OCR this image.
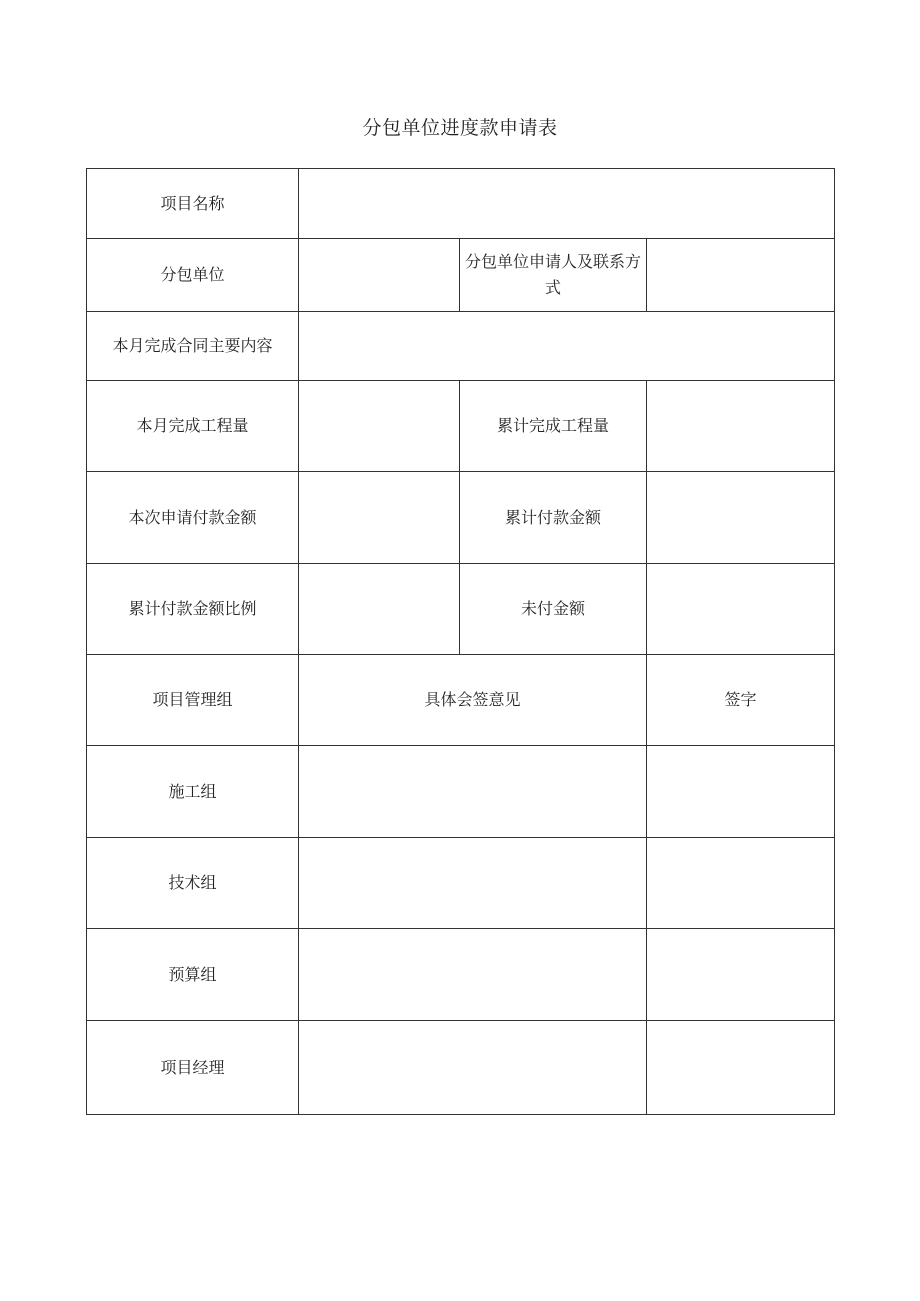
分包单位进度款申请表
项目名称			
分包单位		分包单位申请人及联系方式	
本月完成合同主要内容			
本月完成工程量		累计完成工程量	
本次申请付款金额		累计付款金额	
累计付款金额比例		未付金额	
项目管理组	具体会签意见		签字
施工组			
技术组			
预算组			
项目经理			
